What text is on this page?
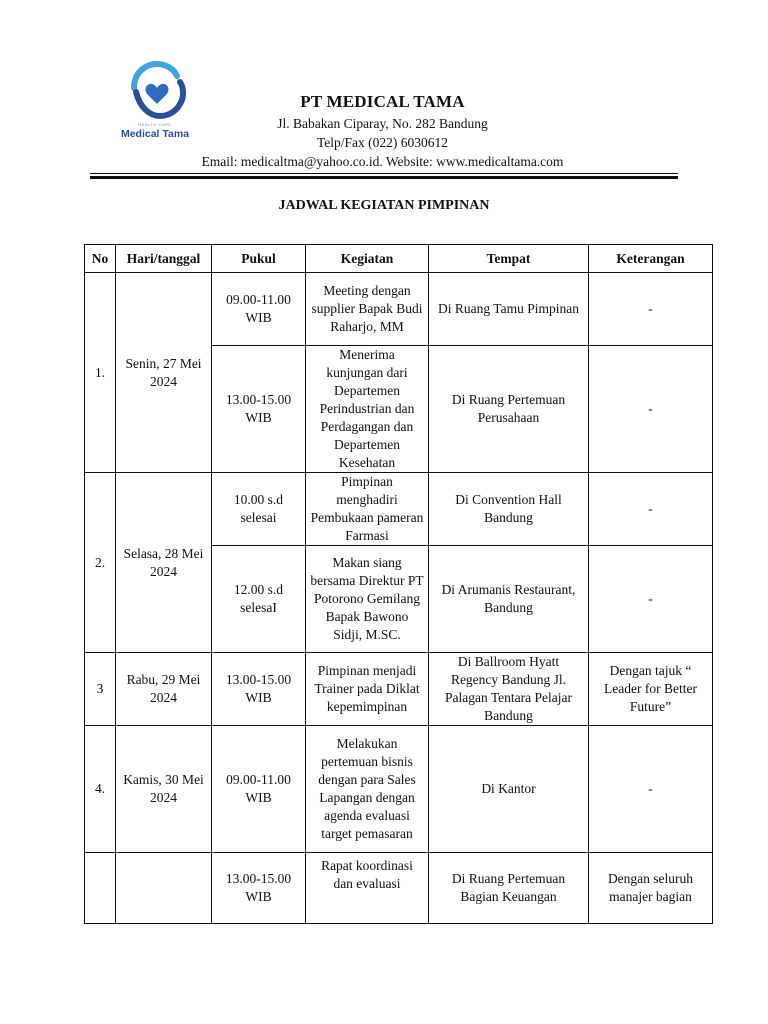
HEALTH CARE
Medical Tama
PT MEDICAL TAMA
Jl. Babakan Ciparay, No. 282 Bandung
Telp/Fax (022) 6030612
Email: medicaltma@yahoo.co.id. Website: www.medicaltama.com
JADWAL KEGIATAN PIMPINAN
No	Hari/tanggal	Pukul	Kegiatan	Tempat	Keterangan
1.	Senin, 27 Mei 2024	09.00-11.00 WIB	Meeting dengan supplier Bapak Budi Raharjo, MM	Di Ruang Tamu Pimpinan	-
		13.00-15.00 WIB	Menerima kunjungan dari Departemen Perindustrian dan Perdagangan dan Departemen Kesehatan	Di Ruang Pertemuan Perusahaan	-
2.	Selasa, 28 Mei 2024	10.00 s.d selesai	Pimpinan menghadiri Pembukaan pameran Farmasi	Di Convention Hall Bandung	-
		12.00 s.d selesaI	Makan siang bersama Direktur PT Potorono Gemilang Bapak Bawono Sidji, M.SC.	Di Arumanis Restaurant, Bandung	-
3	Rabu, 29 Mei 2024	13.00-15.00 WIB	Pimpinan menjadi Trainer pada Diklat kepemimpinan	Di Ballroom Hyatt Regency Bandung Jl. Palagan Tentara Pelajar Bandung	Dengan tajuk “ Leader for Better Future”
4.	Kamis, 30 Mei 2024	09.00-11.00 WIB	Melakukan pertemuan bisnis dengan para Sales Lapangan dengan agenda evaluasi target pemasaran	Di Kantor	-
		13.00-15.00 WIB	Rapat koordinasi dan evaluasi	Di Ruang Pertemuan Bagian Keuangan	Dengan seluruh manajer bagian
